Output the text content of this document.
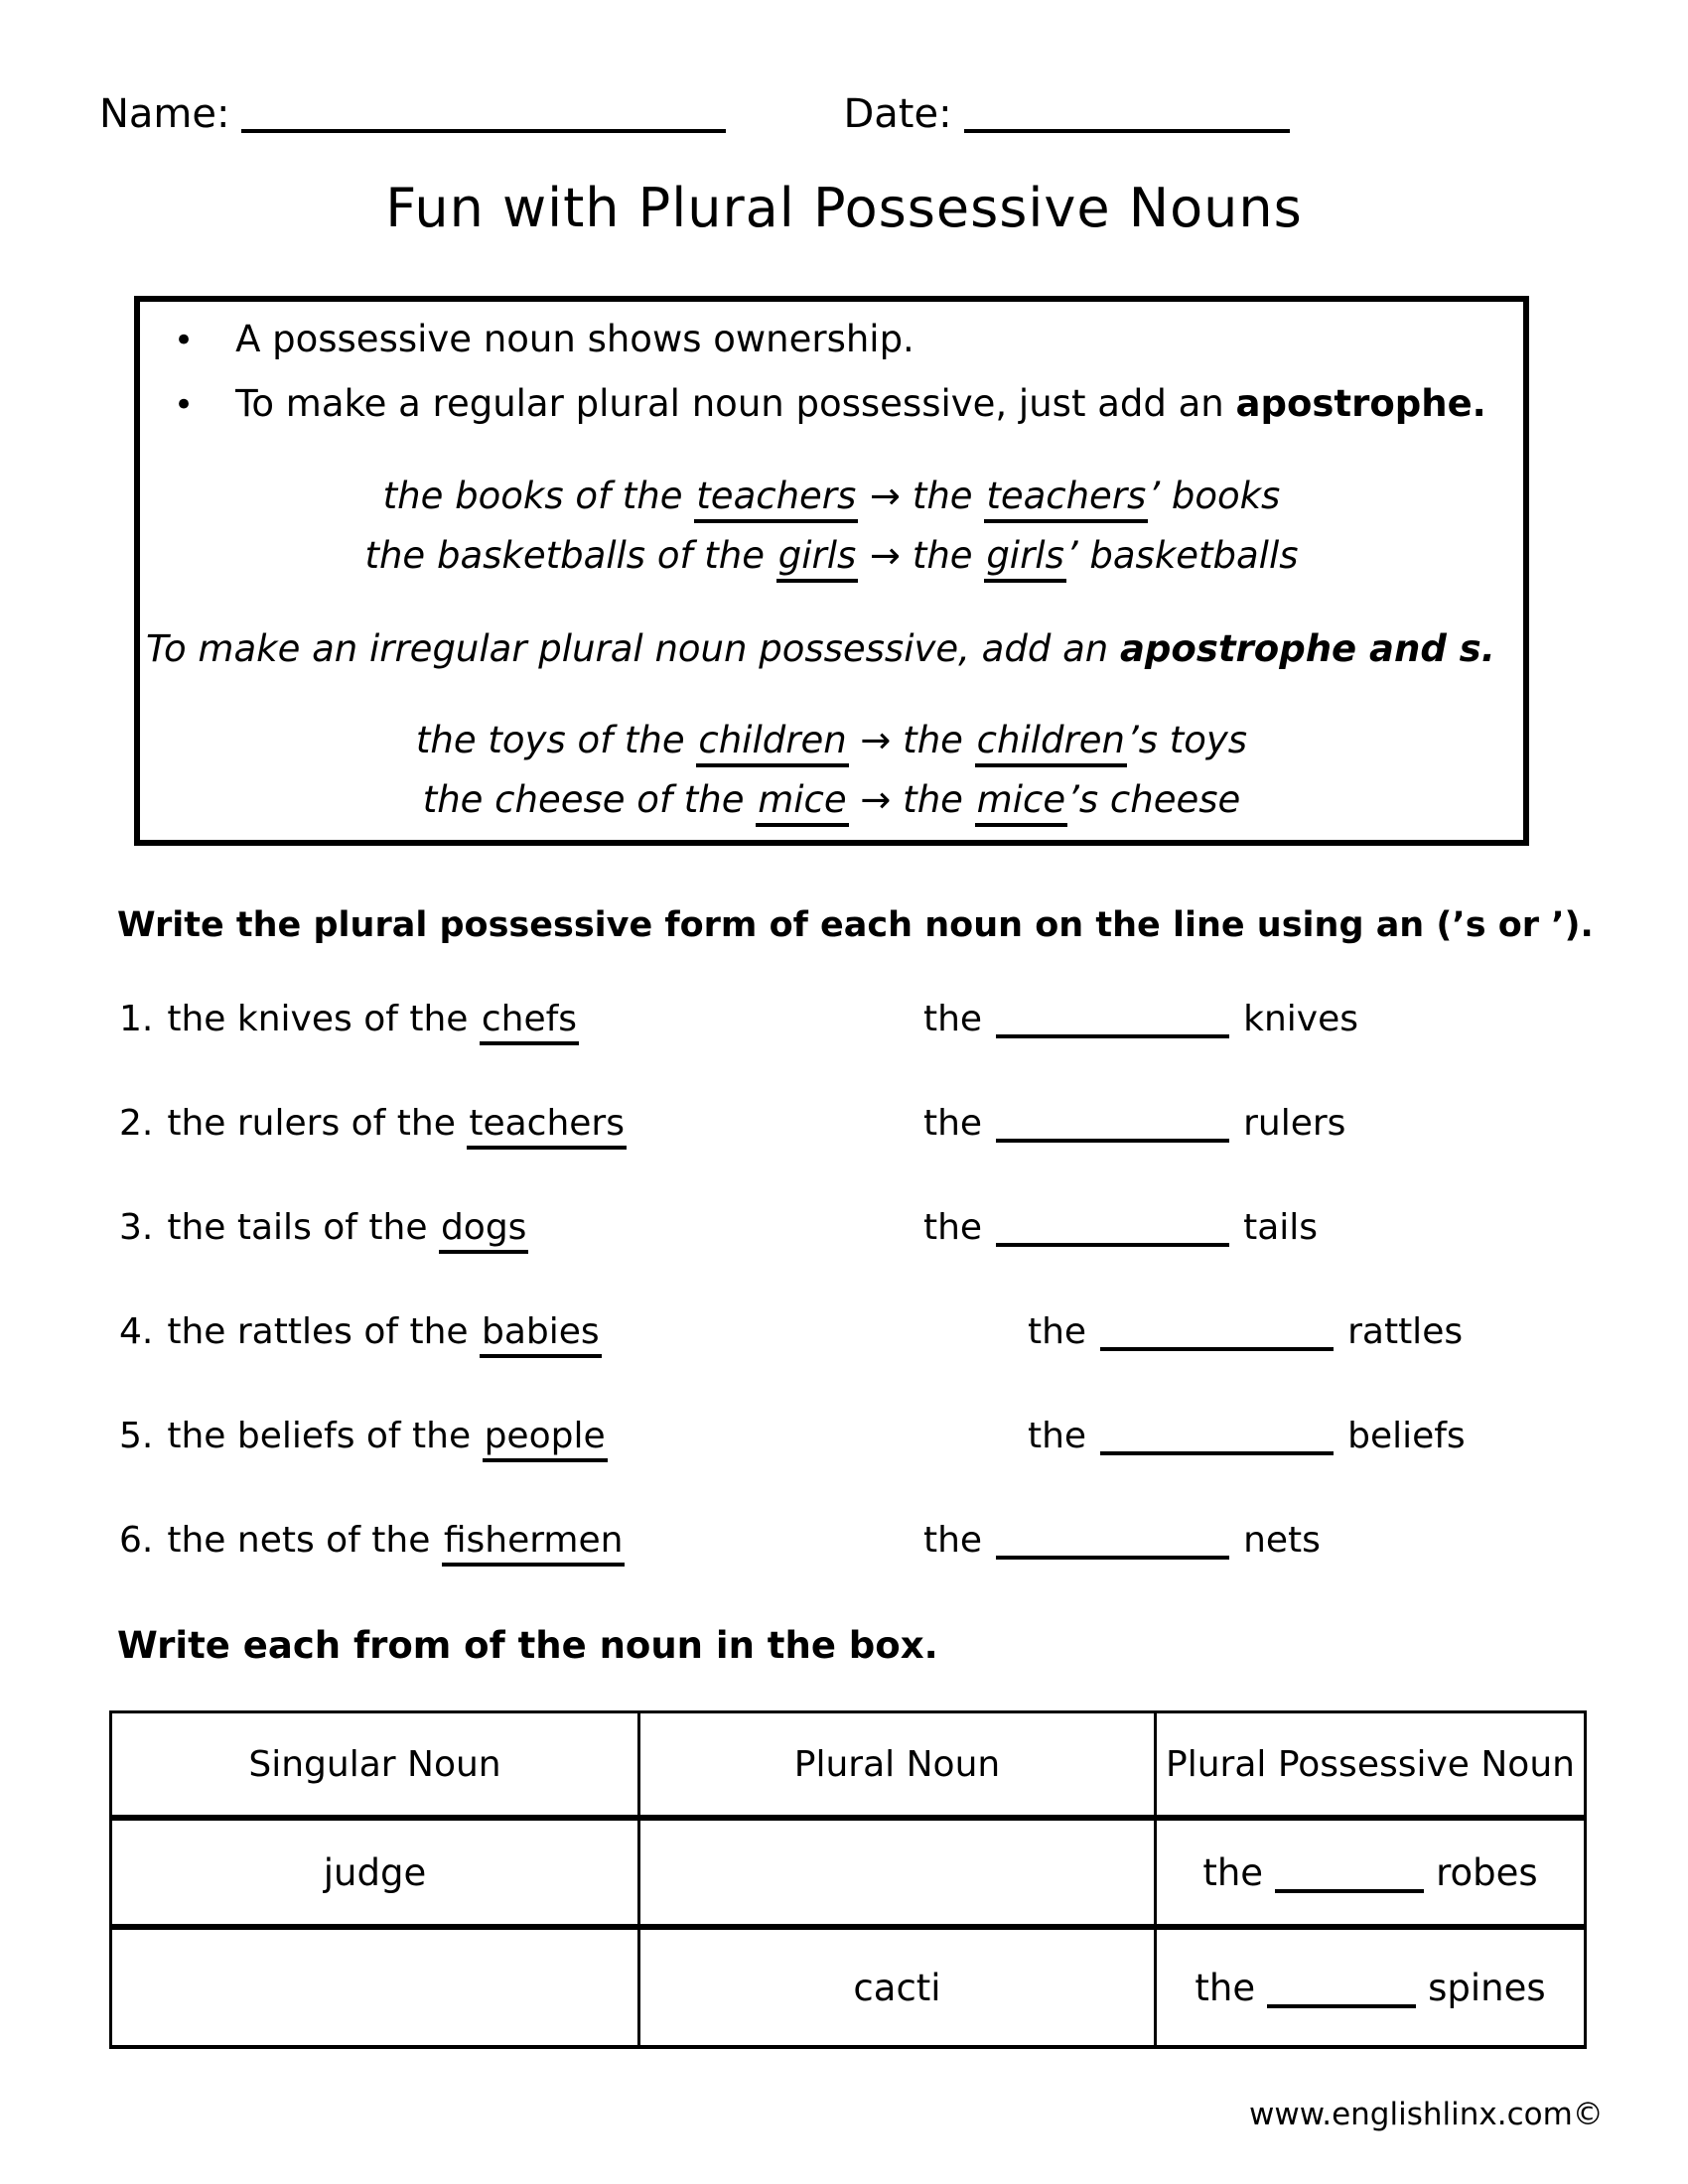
Name:	Date:
Fun with Plural Possessive Nouns
• A possessive noun shows ownership.
• To make a regular plural noun possessive, just add an apostrophe.
the books of the teachers → the teachers’ books
the basketballs of the girls → the girls’ basketballs
To make an irregular plural noun possessive, add an apostrophe and s.
the toys of the children → the children’s toys
the cheese of the mice → the mice’s cheese
Write the plural possessive form of each noun on the line using an (’s or ’).
1. the knives of the chefs	the	knives
2. the rulers of the teachers	the	rulers
3. the tails of the dogs	the	tails
4. the rattles of the babies	the	rattles
5. the beliefs of the people	the	beliefs
6. the nets of the fishermen	the	nets
Write each from of the noun in the box.
Singular Noun	Plural Noun	Plural Possessive Noun
judge		the robes
	cacti	the spines
www.englishlinx.com©
